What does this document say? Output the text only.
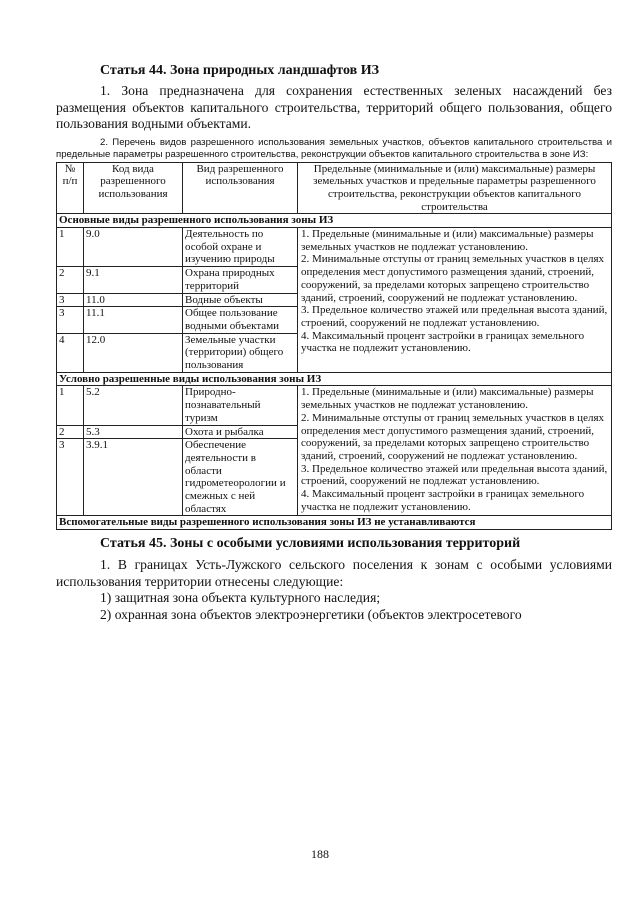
Статья 44. Зона природных ландшафтов ИЗ

1. Зона предназначена для сохранения естественных зеленых насаждений без размещения объектов капитального строительства, территорий общего пользования, общего пользования водными объектами.

2. Перечень видов разрешенного использования земельных участков, объектов капитального строительства и предельные параметры разрешенного строительства, реконструкции объектов капитального строительства в зоне ИЗ:

№ п/п	Код вида разрешенного использования	Вид разрешенного использования	Предельные (минимальные и (или) максимальные) размеры земельных участков и предельные параметры разрешенного строительства, реконструкции объектов капитального строительства
Основные виды разрешенного использования зоны ИЗ			
1	9.0	Деятельность по особой охране и изучению природы	1. Предельные (минимальные и (или) максимальные) размеры земельных участков не подлежат установлению.
2. Минимальные отступы от границ земельных участков в целях определения мест допустимого размещения зданий, строений, сооружений, за пределами которых запрещено строительство зданий, строений, сооружений не подлежат установлению.
3. Предельное количество этажей или предельная высота зданий, строений, сооружений не подлежат установлению.
4. Максимальный процент застройки в границах земельного участка не подлежит установлению.

2	9.1	Охрана природных территорий	
3	11.0	Водные объекты	
3	11.1	Общее пользование водными объектами	
4	12.0	Земельные участки (территории) общего пользования	
Условно разрешенные виды использования зоны ИЗ			
1	5.2	Природно-познавательный туризм	1. Предельные (минимальные и (или) максимальные) размеры земельных участков не подлежат установлению.
2. Минимальные отступы от границ земельных участков в целях определения мест допустимого размещения зданий, строений, сооружений, за пределами которых запрещено строительство зданий, строений, сооружений не подлежат установлению.
3. Предельное количество этажей или предельная высота зданий, строений, сооружений не подлежат установлению.
4. Максимальный процент застройки в границах земельного участка не подлежит установлению.

2	5.3	Охота и рыбалка	
3	3.9.1	Обеспечение деятельности в области гидрометеорологии и смежных с ней областях	
Вспомогательные виды разрешенного использования зоны ИЗ не устанавливаются			
Статья 45. Зоны с особыми условиями использования территорий

1. В границах Усть-Лужского сельского поселения к зонам с особыми условиями использования территории отнесены следующие:

1) защитная зона объекта культурного наследия;

2) охранная зона объектов электроэнергетики (объектов электросетевого

188
